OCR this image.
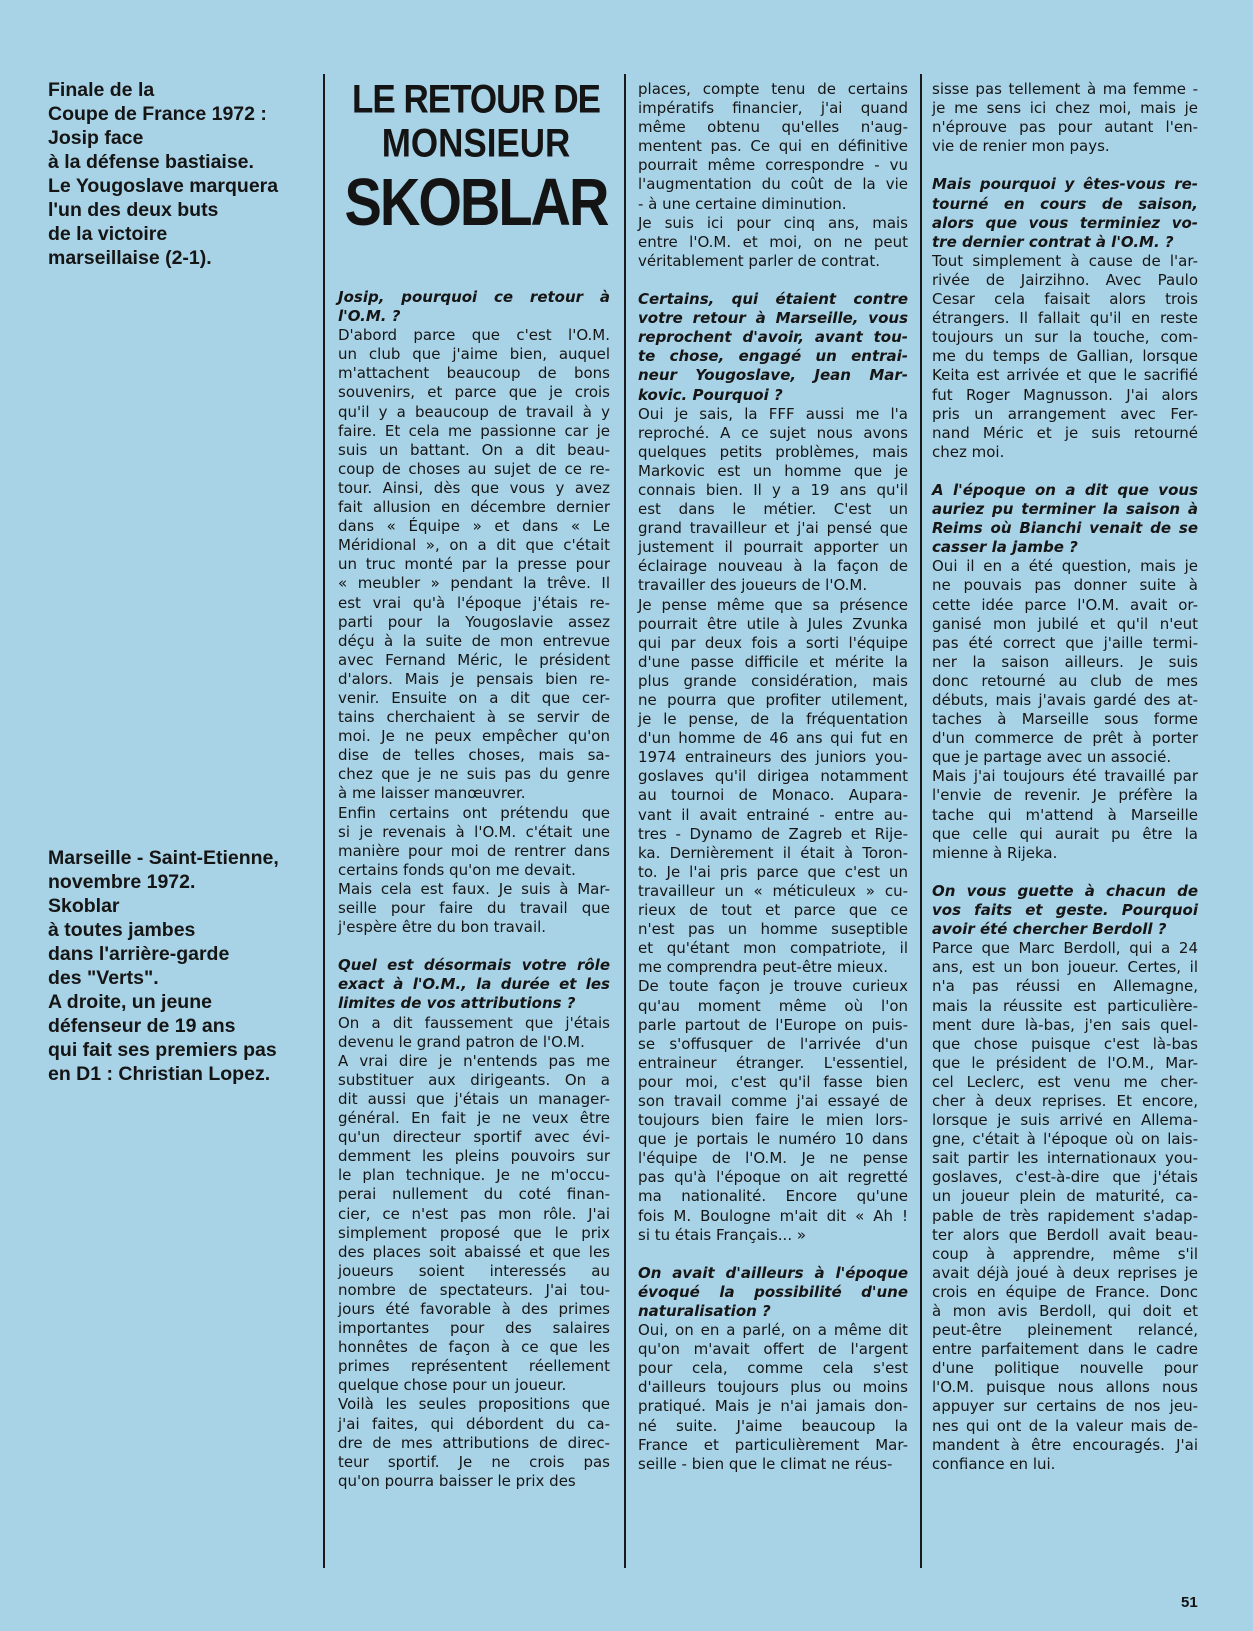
Finale de la
Coupe de France 1972 :
Josip face
à la défense bastiaise.
Le Yougoslave marquera
l'un des deux buts
de la victoire
marseillaise (2-1).
Marseille - Saint-Etienne,
novembre 1972.
Skoblar
à toutes jambes
dans l'arrière-garde
des "Verts".
A droite, un jeune
défenseur de 19 ans
qui fait ses premiers pas
en D1 : Christian Lopez.
LE RETOUR DE
MONSIEUR
SKOBLAR
Josip, pourquoi ce retour à
l'O.M. ?
D'abord parce que c'est l'O.M.
un club que j'aime bien, auquel
m'attachent beaucoup de bons
souvenirs, et parce que je crois
qu'il y a beaucoup de travail à y
faire. Et cela me passionne car je
suis un battant. On a dit beau-
coup de choses au sujet de ce re-
tour. Ainsi, dès que vous y avez
fait allusion en décembre dernier
dans « Équipe » et dans « Le
Méridional », on a dit que c'était
un truc monté par la presse pour
« meubler » pendant la trêve. Il
est vrai qu'à l'époque j'étais re-
parti pour la Yougoslavie assez
déçu à la suite de mon entrevue
avec Fernand Méric, le président
d'alors. Mais je pensais bien re-
venir. Ensuite on a dit que cer-
tains cherchaient à se servir de
moi. Je ne peux empêcher qu'on
dise de telles choses, mais sa-
chez que je ne suis pas du genre
à me laisser manœuvrer.
Enfin certains ont prétendu que
si je revenais à l'O.M. c'était une
manière pour moi de rentrer dans
certains fonds qu'on me devait.
Mais cela est faux. Je suis à Mar-
seille pour faire du travail que
j'espère être du bon travail.
Quel est désormais votre rôle
exact à l'O.M., la durée et les
limites de vos attributions ?
On a dit faussement que j'étais
devenu le grand patron de l'O.M.
A vrai dire je n'entends pas me
substituer aux dirigeants. On a
dit aussi que j'étais un manager-
général. En fait je ne veux être
qu'un directeur sportif avec évi-
demment les pleins pouvoirs sur
le plan technique. Je ne m'occu-
perai nullement du coté finan-
cier, ce n'est pas mon rôle. J'ai
simplement proposé que le prix
des places soit abaissé et que les
joueurs soient interessés au
nombre de spectateurs. J'ai tou-
jours été favorable à des primes
importantes pour des salaires
honnêtes de façon à ce que les
primes représentent réellement
quelque chose pour un joueur.
Voilà les seules propositions que
j'ai faites, qui débordent du ca-
dre de mes attributions de direc-
teur sportif. Je ne crois pas
qu'on pourra baisser le prix des
places, compte tenu de certains
impératifs financier, j'ai quand
même obtenu qu'elles n'aug-
mentent pas. Ce qui en définitive
pourrait même correspondre - vu
l'augmentation du coût de la vie
- à une certaine diminution.
Je suis ici pour cinq ans, mais
entre l'O.M. et moi, on ne peut
véritablement parler de contrat.
Certains, qui étaient contre
votre retour à Marseille, vous
reprochent d'avoir, avant tou-
te chose, engagé un entrai-
neur Yougoslave, Jean Mar-
kovic. Pourquoi ?
Oui je sais, la FFF aussi me l'a
reproché. A ce sujet nous avons
quelques petits problèmes, mais
Markovic est un homme que je
connais bien. Il y a 19 ans qu'il
est dans le métier. C'est un
grand travailleur et j'ai pensé que
justement il pourrait apporter un
éclairage nouveau à la façon de
travailler des joueurs de l'O.M.
Je pense même que sa présence
pourrait être utile à Jules Zvunka
qui par deux fois a sorti l'équipe
d'une passe difficile et mérite la
plus grande considération, mais
ne pourra que profiter utilement,
je le pense, de la fréquentation
d'un homme de 46 ans qui fut en
1974 entraineurs des juniors you-
goslaves qu'il dirigea notamment
au tournoi de Monaco. Aupara-
vant il avait entrainé - entre au-
tres - Dynamo de Zagreb et Rije-
ka. Dernièrement il était à Toron-
to. Je l'ai pris parce que c'est un
travailleur un « méticuleux » cu-
rieux de tout et parce que ce
n'est pas un homme suseptible
et qu'étant mon compatriote, il
me comprendra peut-être mieux.
De toute façon je trouve curieux
qu'au moment même où l'on
parle partout de l'Europe on puis-
se s'offusquer de l'arrivée d'un
entraineur étranger. L'essentiel,
pour moi, c'est qu'il fasse bien
son travail comme j'ai essayé de
toujours bien faire le mien lors-
que je portais le numéro 10 dans
l'équipe de l'O.M. Je ne pense
pas qu'à l'époque on ait regretté
ma nationalité. Encore qu'une
fois M. Boulogne m'ait dit « Ah !
si tu étais Français... »
On avait d'ailleurs à l'époque
évoqué la possibilité d'une
naturalisation ?
Oui, on en a parlé, on a même dit
qu'on m'avait offert de l'argent
pour cela, comme cela s'est
d'ailleurs toujours plus ou moins
pratiqué. Mais je n'ai jamais don-
né suite. J'aime beaucoup la
France et particulièrement Mar-
seille - bien que le climat ne réus-
sisse pas tellement à ma femme -
je me sens ici chez moi, mais je
n'éprouve pas pour autant l'en-
vie de renier mon pays.
Mais pourquoi y êtes-vous re-
tourné en cours de saison,
alors que vous terminiez vo-
tre dernier contrat à l'O.M. ?
Tout simplement à cause de l'ar-
rivée de Jairzihno. Avec Paulo
Cesar cela faisait alors trois
étrangers. Il fallait qu'il en reste
toujours un sur la touche, com-
me du temps de Gallian, lorsque
Keita est arrivée et que le sacrifié
fut Roger Magnusson. J'ai alors
pris un arrangement avec Fer-
nand Méric et je suis retourné
chez moi.
A l'époque on a dit que vous
auriez pu terminer la saison à
Reims où Bianchi venait de se
casser la jambe ?
Oui il en a été question, mais je
ne pouvais pas donner suite à
cette idée parce l'O.M. avait or-
ganisé mon jubilé et qu'il n'eut
pas été correct que j'aille termi-
ner la saison ailleurs. Je suis
donc retourné au club de mes
débuts, mais j'avais gardé des at-
taches à Marseille sous forme
d'un commerce de prêt à porter
que je partage avec un associé.
Mais j'ai toujours été travaillé par
l'envie de revenir. Je préfère la
tache qui m'attend à Marseille
que celle qui aurait pu être la
mienne à Rijeka.
On vous guette à chacun de
vos faits et geste. Pourquoi
avoir été chercher Berdoll ?
Parce que Marc Berdoll, qui a 24
ans, est un bon joueur. Certes, il
n'a pas réussi en Allemagne,
mais la réussite est particulière-
ment dure là-bas, j'en sais quel-
que chose puisque c'est là-bas
que le président de l'O.M., Mar-
cel Leclerc, est venu me cher-
cher à deux reprises. Et encore,
lorsque je suis arrivé en Allema-
gne, c'était à l'époque où on lais-
sait partir les internationaux you-
goslaves, c'est-à-dire que j'étais
un joueur plein de maturité, ca-
pable de très rapidement s'adap-
ter alors que Berdoll avait beau-
coup à apprendre, même s'il
avait déjà joué à deux reprises je
crois en équipe de France. Donc
à mon avis Berdoll, qui doit et
peut-être pleinement relancé,
entre parfaitement dans le cadre
d'une politique nouvelle pour
l'O.M. puisque nous allons nous
appuyer sur certains de nos jeu-
nes qui ont de la valeur mais de-
mandent à être encouragés. J'ai
confiance en lui.
51
